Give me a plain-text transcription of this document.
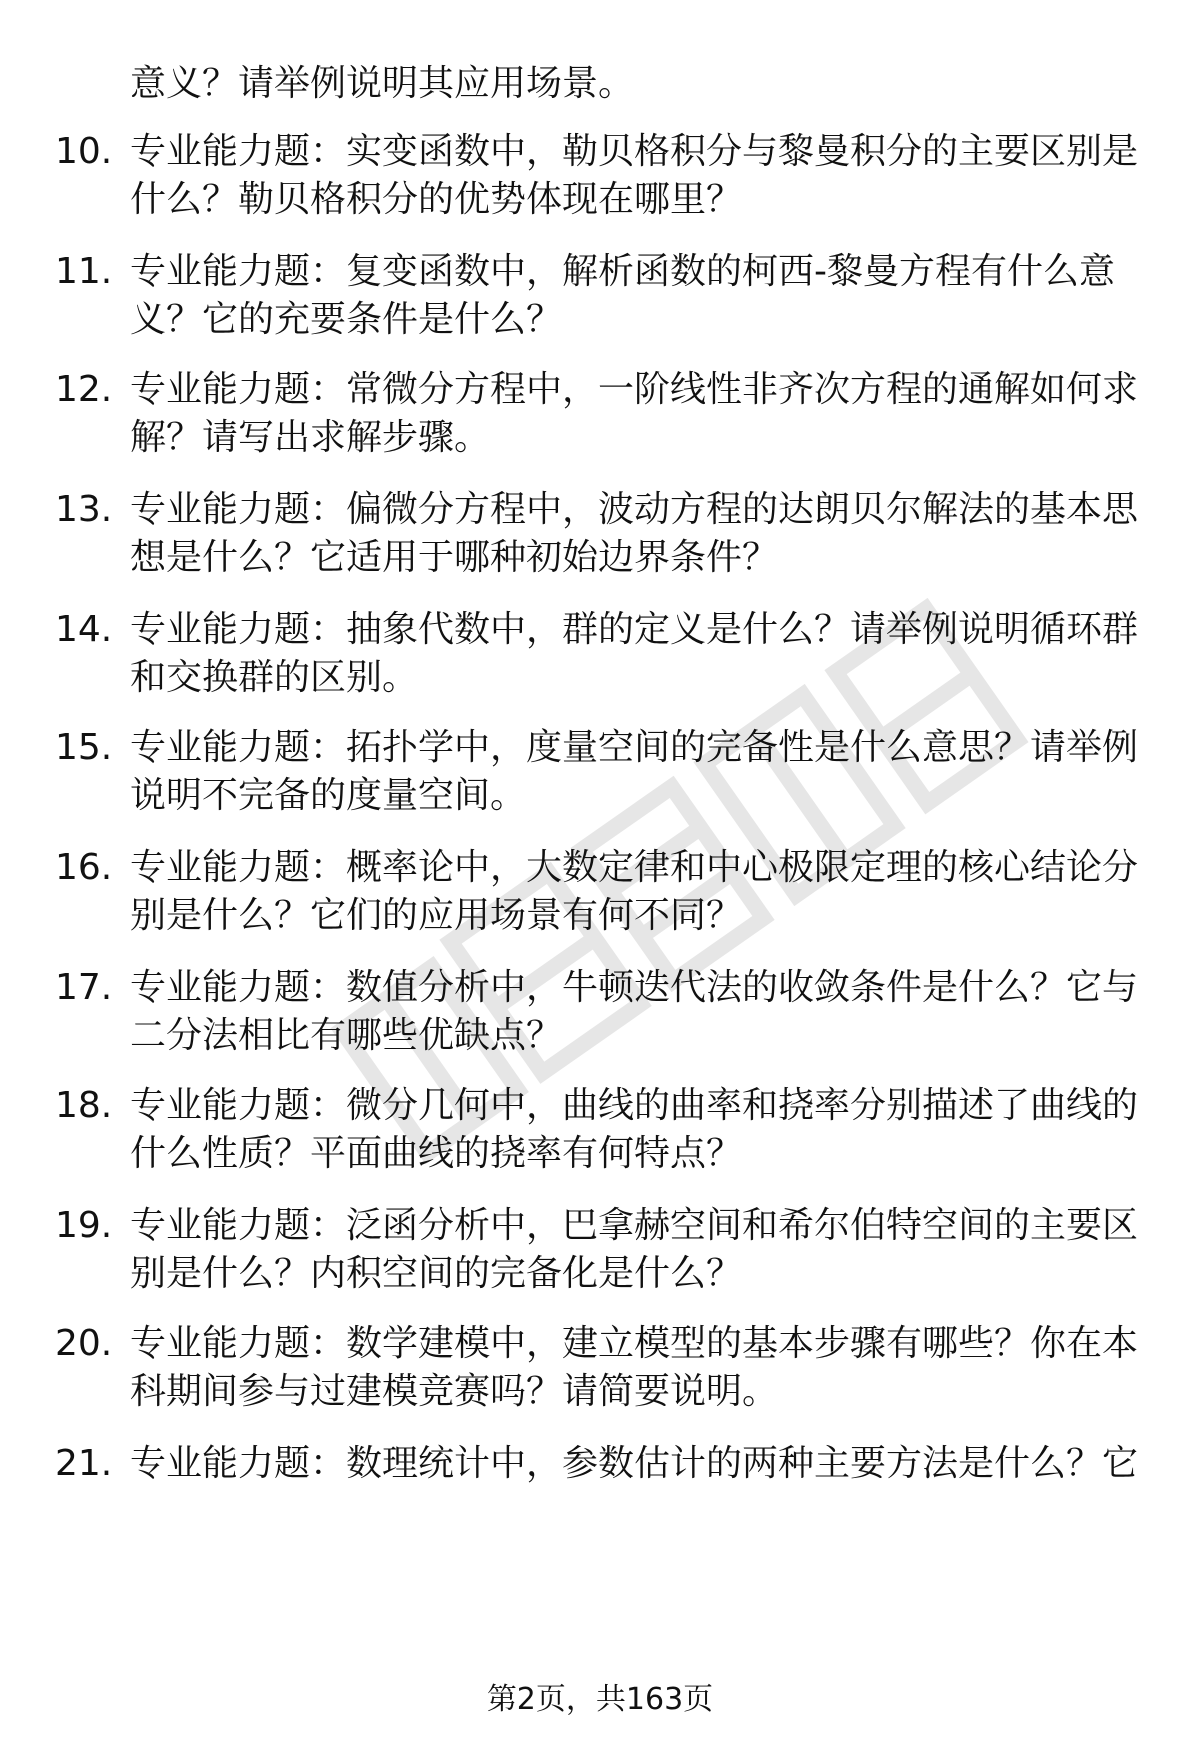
意义？请举例说明其应用场景。
10. 专业能力题：实变函数中，勒贝格积分与黎曼积分的主要区别是
什么？勒贝格积分的优势体现在哪里？
11. 专业能力题：复变函数中，解析函数的柯西-黎曼方程有什么意
义？它的充要条件是什么？
12. 专业能力题：常微分方程中，一阶线性非齐次方程的通解如何求
解？请写出求解步骤。
13. 专业能力题：偏微分方程中，波动方程的达朗贝尔解法的基本思
想是什么？它适用于哪种初始边界条件？
14. 专业能力题：抽象代数中，群的定义是什么？请举例说明循环群
和交换群的区别。
15. 专业能力题：拓扑学中，度量空间的完备性是什么意思？请举例
说明不完备的度量空间。
16. 专业能力题：概率论中，大数定律和中心极限定理的核心结论分
别是什么？它们的应用场景有何不同？
17. 专业能力题：数值分析中，牛顿迭代法的收敛条件是什么？它与
二分法相比有哪些优缺点？
18. 专业能力题：微分几何中，曲线的曲率和挠率分别描述了曲线的
什么性质？平面曲线的挠率有何特点？
19. 专业能力题：泛函分析中，巴拿赫空间和希尔伯特空间的主要区
别是什么？内积空间的完备化是什么？
20. 专业能力题：数学建模中，建立模型的基本步骤有哪些？你在本
科期间参与过建模竞赛吗？请简要说明。
21. 专业能力题：数理统计中，参数估计的两种主要方法是什么？它
第2页，共163页
